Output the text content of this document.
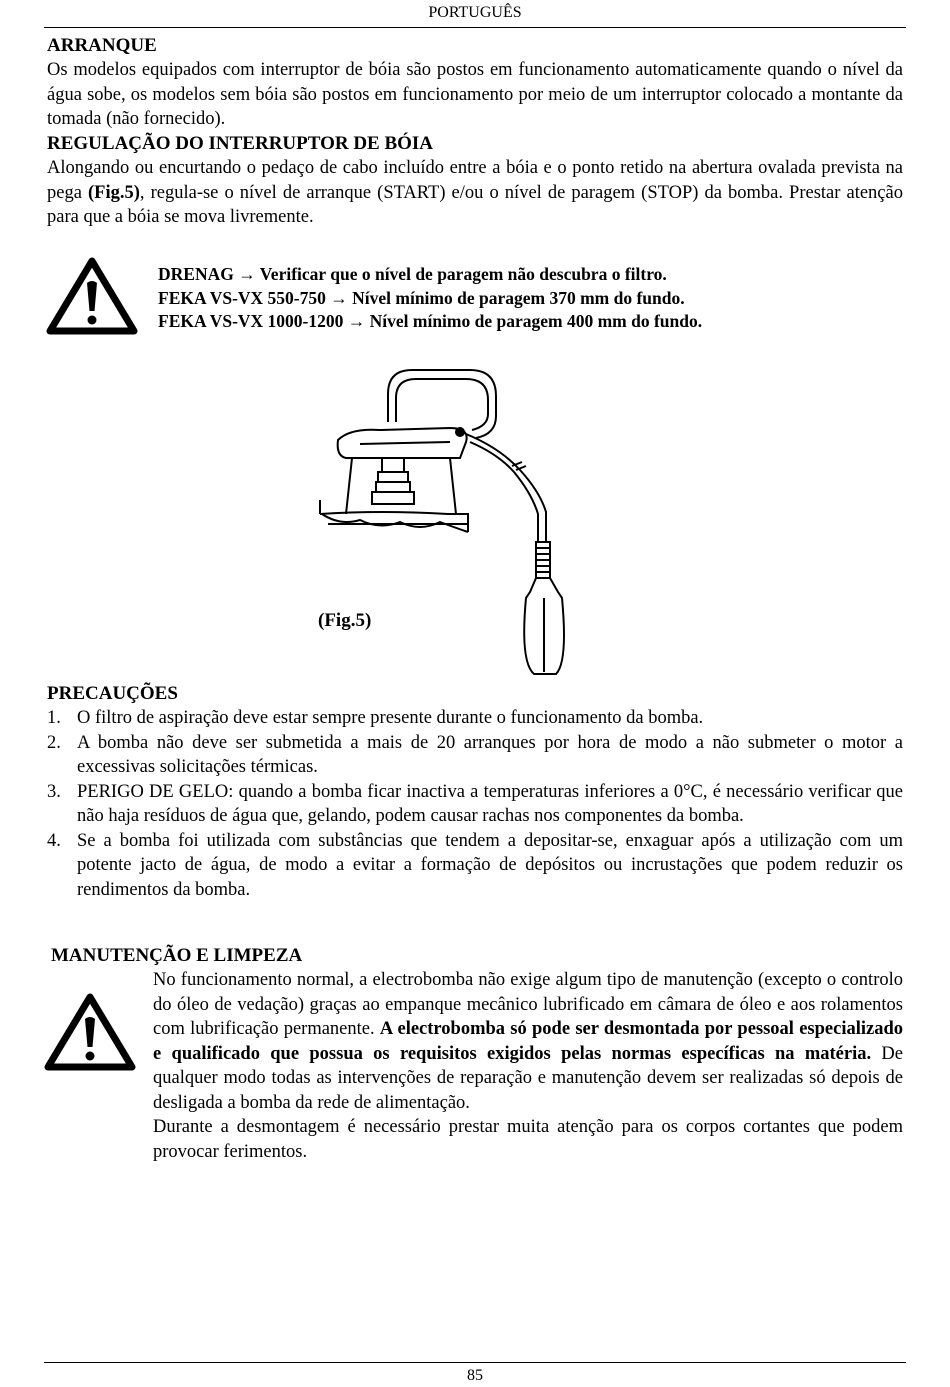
PORTUGUÊS
ARRANQUE

Os modelos equipados com interruptor de bóia são postos em funcionamento automaticamente quando o nível da água sobe, os modelos sem bóia são postos em funcionamento por meio de um interruptor colocado a montante da tomada (não fornecido).

REGULAÇÃO DO INTERRUPTOR DE BÓIA

Alongando ou encurtando o pedaço de cabo incluído entre a bóia e o ponto retido na abertura ovalada prevista na pega (Fig.5), regula-se o nível de arranque (START) e/ou o nível de paragem (STOP) da bomba. Prestar atenção para que a bóia se mova livremente.

DRENAG → Verificar que o nível de paragem não descubra o filtro.
FEKA VS-VX 550-750 → Nível mínimo de paragem 370 mm do fundo.
FEKA VS-VX 1000-1200 → Nível mínimo de paragem 400 mm do fundo.
(Fig.5)
PRECAUÇÕES
1. O filtro de aspiração deve estar sempre presente durante o funcionamento da bomba.
2. A bomba não deve ser submetida a mais de 20 arranques por hora de modo a não submeter o motor a excessivas solicitações térmicas.
3. PERIGO DE GELO: quando a bomba ficar inactiva a temperaturas inferiores a 0°C, é necessário verificar que não haja resíduos de água que, gelando, podem causar rachas nos componentes da bomba.
4. Se a bomba foi utilizada com substâncias que tendem a depositar-se, enxaguar após a utilização com um potente jacto de água, de modo a evitar a formação de depósitos ou incrustações que podem reduzir os rendimentos da bomba.
MANUTENÇÃO E LIMPEZA

No funcionamento normal, a electrobomba não exige algum tipo de manutenção (excepto o controlo do óleo de vedação) graças ao empanque mecânico lubrificado em câmara de óleo e aos rolamentos com lubrificação permanente. A electrobomba só pode ser desmontada por pessoal especializado e qualificado que possua os requisitos exigidos pelas normas específicas na matéria. De qualquer modo todas as intervenções de reparação e manutenção devem ser realizadas só depois de desligada a bomba da rede de alimentação.

Durante a desmontagem é necessário prestar muita atenção para os corpos cortantes que podem provocar ferimentos.

85
